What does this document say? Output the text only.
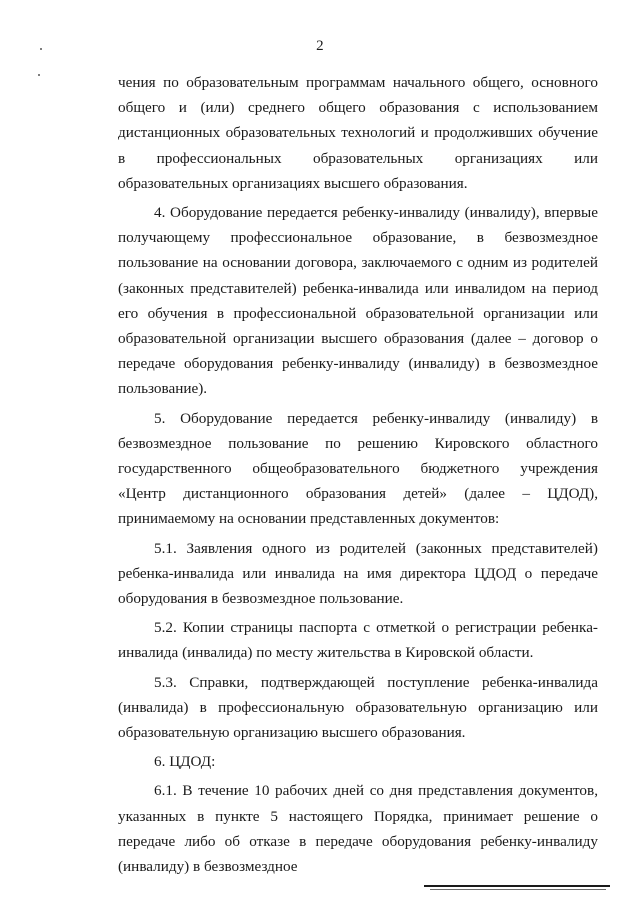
2

чения по образовательным программам начального общего, основного общего и (или) среднего общего образования с использованием дистанционных образовательных технологий и продолживших обучение в профессиональных образовательных организациях или образовательных организациях высшего образования.

4. Оборудование передается ребенку-инвалиду (инвалиду), впервые получающему профессиональное образование, в безвозмездное пользование на основании договора, заключаемого с одним из родителей (законных представителей) ребенка-инвалида или инвалидом на период его обучения в профессиональной образовательной организации или образовательной организации высшего образования (далее – договор о передаче оборудования ребенку-инвалиду (инвалиду) в безвозмездное пользование).

5. Оборудование передается ребенку-инвалиду (инвалиду) в безвозмездное пользование по решению Кировского областного государственного общеобразовательного бюджетного учреждения «Центр дистанционного образования детей» (далее – ЦДОД), принимаемому на основании представленных документов:

5.1. Заявления одного из родителей (законных представителей) ребенка-инвалида или инвалида на имя директора ЦДОД о передаче оборудования в безвозмездное пользование.

5.2. Копии страницы паспорта с отметкой о регистрации ребенка-инвалида (инвалида) по месту жительства в Кировской области.

5.3. Справки, подтверждающей поступление ребенка-инвалида (инвалида) в профессиональную образовательную организацию или образовательную организацию высшего образования.

6. ЦДОД:

6.1. В течение 10 рабочих дней со дня представления документов, указанных в пункте 5 настоящего Порядка, принимает решение о передаче либо об отказе в передаче оборудования ребенку-инвалиду (инвалиду) в безвозмездное
